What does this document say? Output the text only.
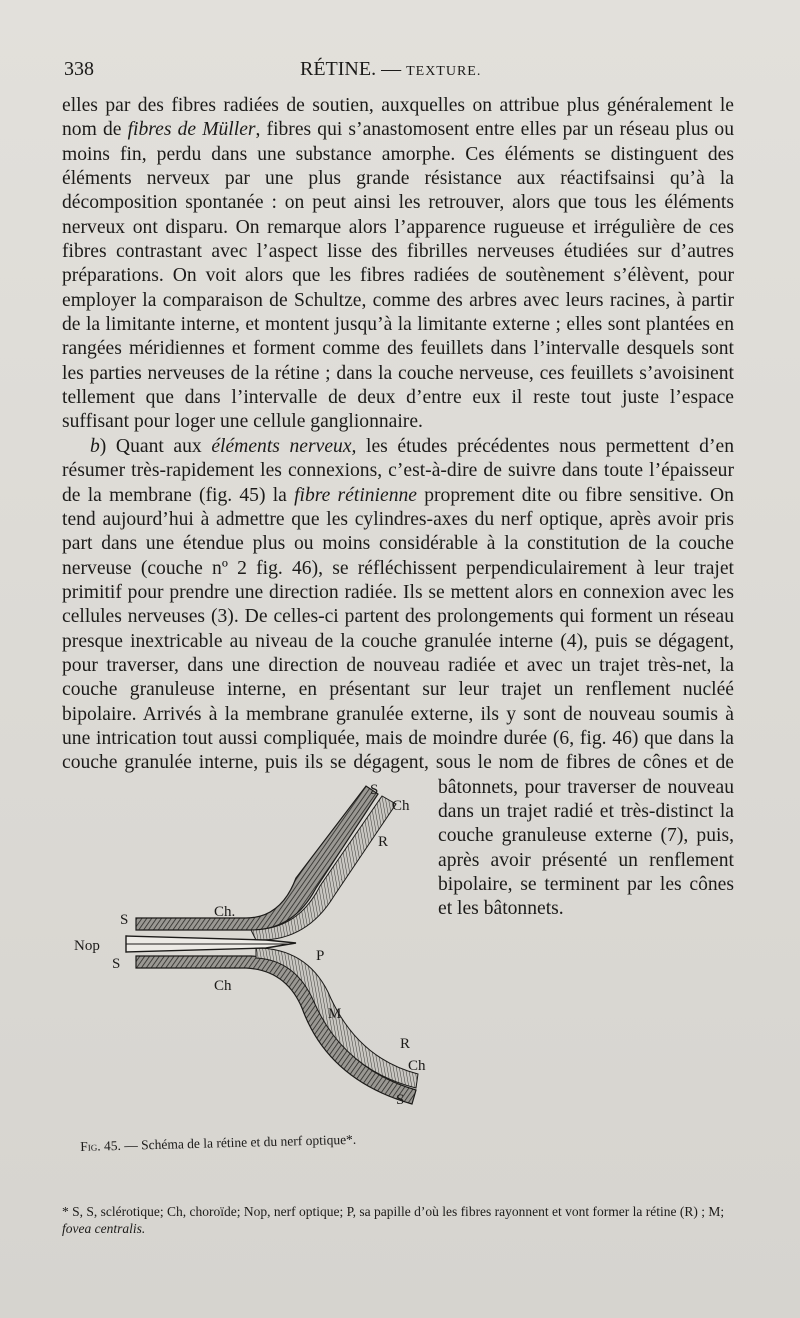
338	RÉTINE. — TEXTURE.

elles par des fibres radiées de soutien, auxquelles on attribue plus généralement le nom de fibres de Müller, fibres qui s’anastomosent entre elles par un réseau plus ou moins fin, perdu dans une substance amorphe. Ces éléments se distinguent des éléments nerveux par une plus grande résistance aux réactifsainsi qu’à la décomposition spontanée : on peut ainsi les retrouver, alors que tous les éléments nerveux ont disparu. On remarque alors l’apparence rugueuse et irrégulière de ces fibres contrastant avec l’aspect lisse des fibrilles nerveuses étudiées sur d’autres préparations. On voit alors que les fibres radiées de soutènement s’élèvent, pour employer la comparaison de Schultze, comme des arbres avec leurs racines, à partir de la limitante interne, et montent jusqu’à la limitante externe ; elles sont plantées en rangées méridiennes et forment comme des feuillets dans l’intervalle desquels sont les parties nerveuses de la rétine ; dans la couche nerveuse, ces feuillets s’avoisinent tellement que dans l’intervalle de deux d’entre eux il reste tout juste l’espace suffisant pour loger une cellule ganglionnaire.

b) Quant aux éléments nerveux, les études précédentes nous permettent d’en résumer très-rapidement les connexions, c’est-à-dire de suivre dans toute l’épaisseur de la membrane (fig. 45) la fibre rétinienne proprement dite ou fibre sensitive. On tend aujourd’hui à admettre que les cylindres-axes du nerf optique, après avoir pris part dans une étendue plus ou moins considérable à la constitution de la couche nerveuse (couche nº 2 fig. 46), se réfléchissent perpendiculairement à leur trajet primitif pour prendre une direction radiée. Ils se mettent alors en connexion avec les cellules nerveuses (3). De celles-ci partent des prolongements qui forment un réseau presque inextricable au niveau de la couche granulée interne (4), puis se dégagent, pour traverser, dans une direction de nouveau radiée et avec un trajet très-net, la couche granuleuse interne, en présentant sur leur trajet un renflement nucléé bipolaire. Arrivés à la membrane granulée externe, ils y sont de nouveau soumis à une intrication tout aussi compliquée, mais de moindre durée (6, fig. 46) que dans la couche granulée interne, puis ils se dégagent,
sous le nom de fibres de cônes et de bâtonnets, pour traverser de nouveau dans un trajet radié et très-distinct la couche granuleuse externe (7), puis, après avoir présenté un renflement bipolaire, se terminent par les cônes et les bâtonnets.

S
Ch
R
S	Ch.
Nop
S	P
Ch
M
R
Ch
S
Fig. 45. — Schéma de la rétine et du nerf optique*.
* S, S, sclérotique; Ch, choroïde; Nop, nerf optique; P, sa papille d’où les fibres rayonnent et vont former la rétine (R) ; M; fovea centralis.
